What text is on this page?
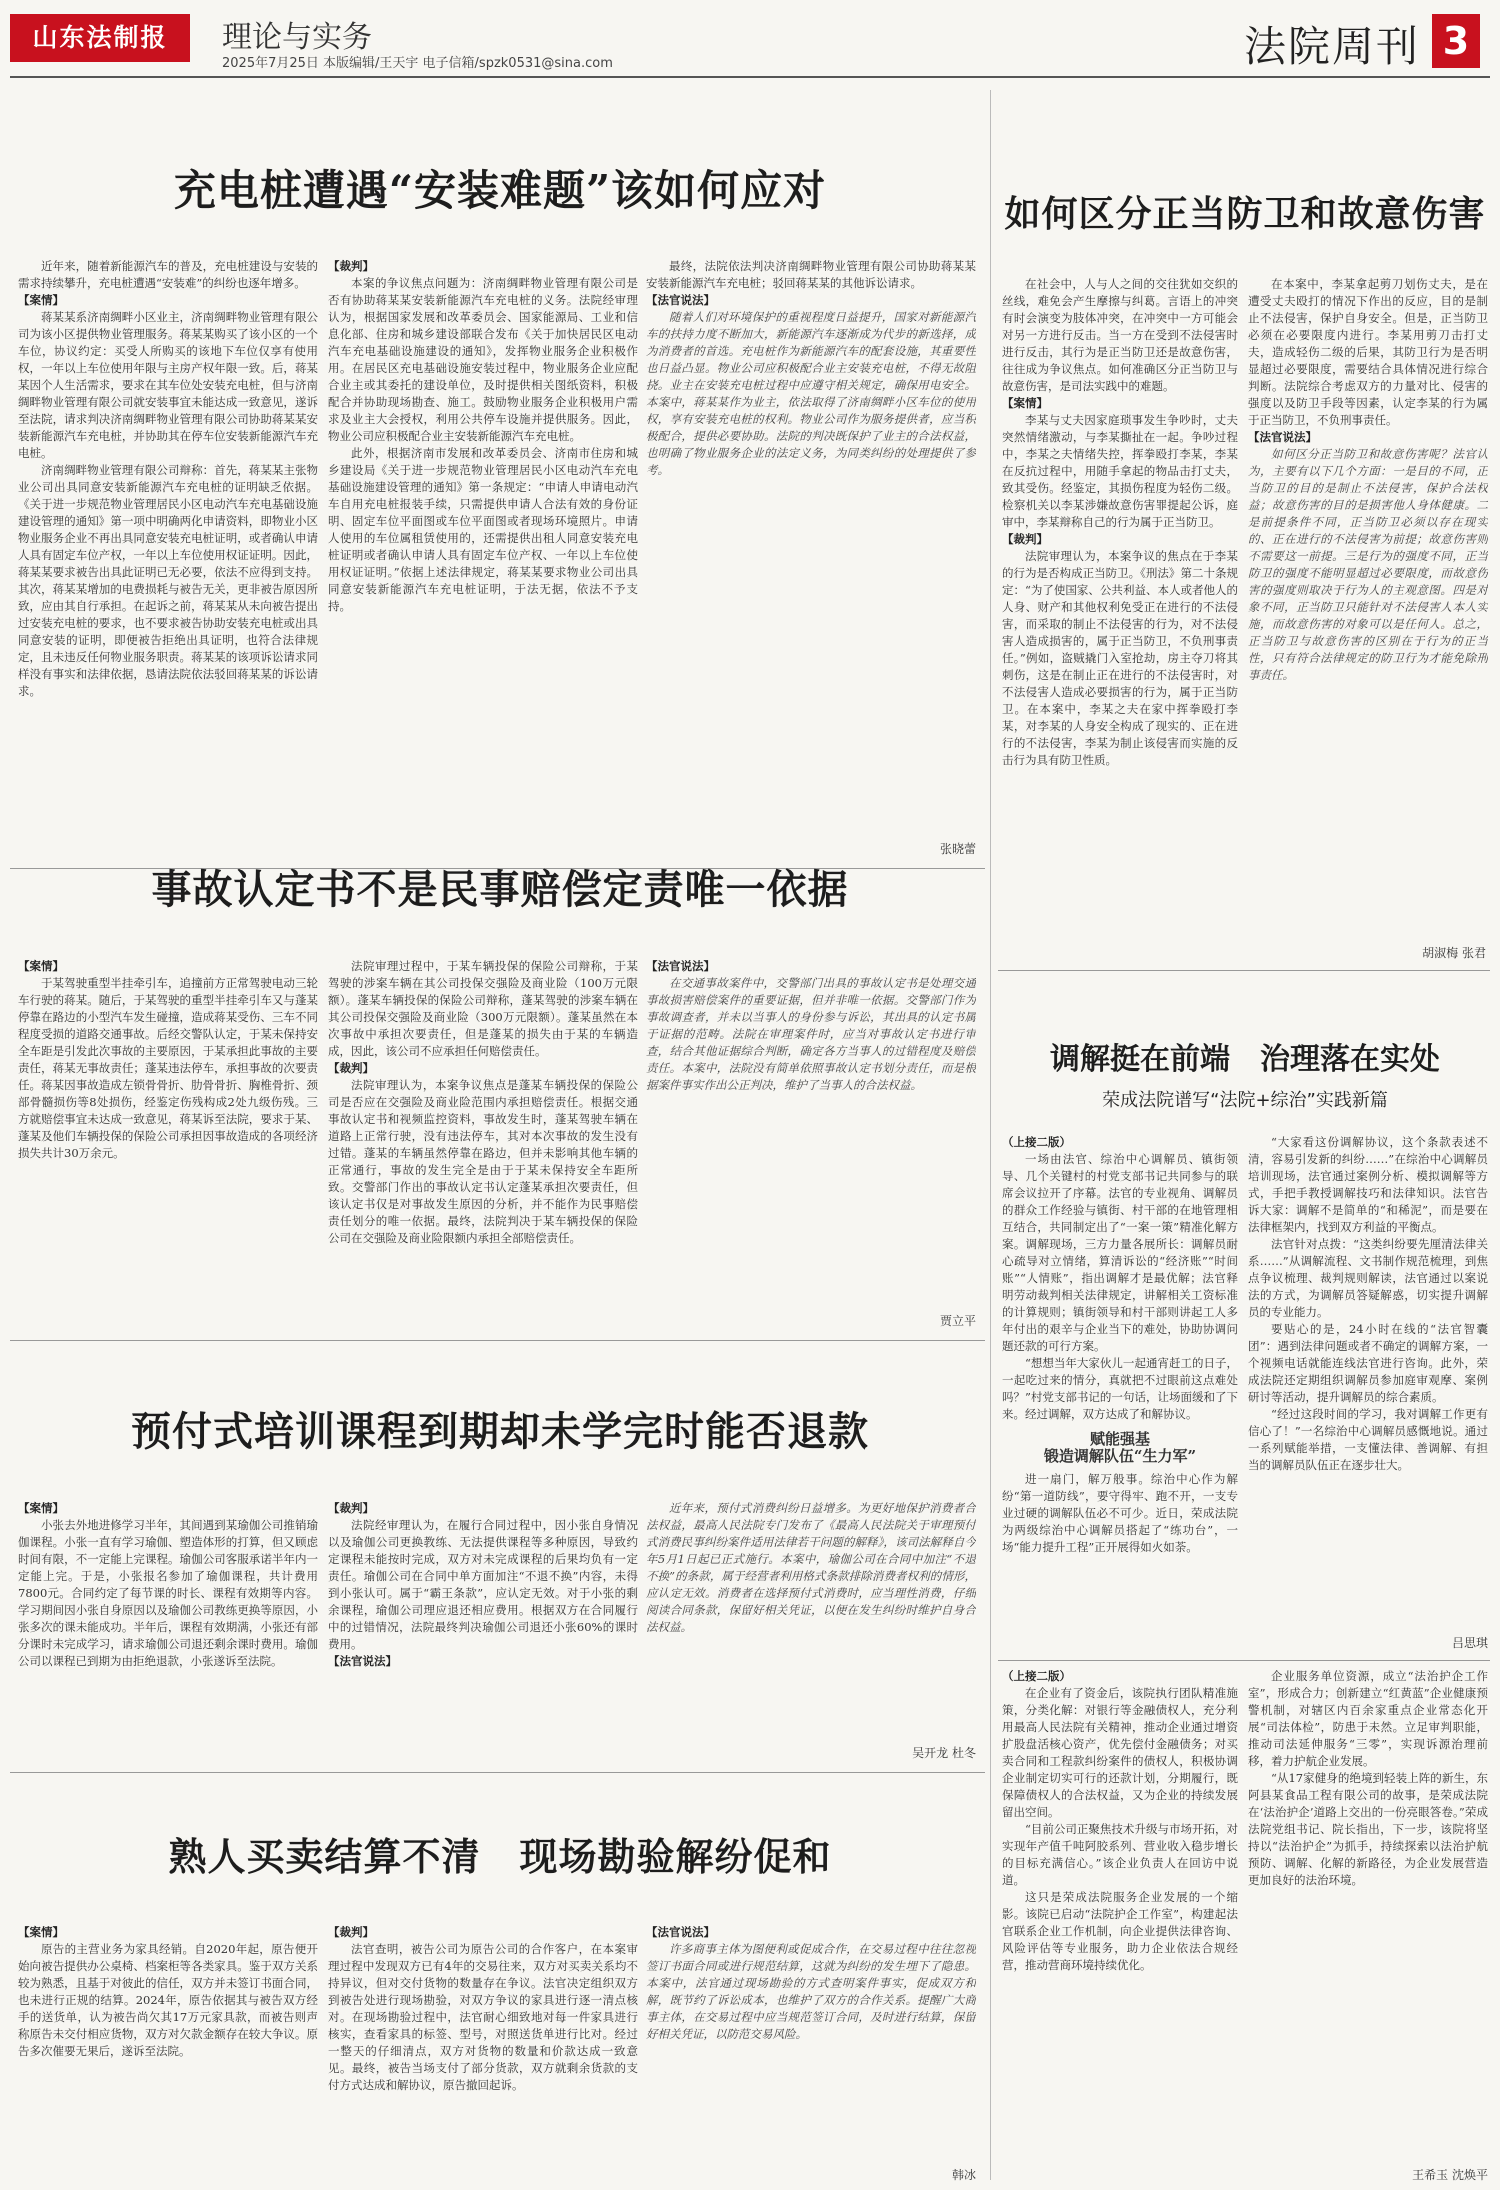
山东法制报	理论与实务
2025年7月25日 本版编辑/王天宇 电子信箱/spzk0531@sina.com	法院周刊 3
充电桩遭遇“安装难题”该如何应对

近年来，随着新能源汽车的普及，充电桩建设与安装的需求持续攀升，充电桩遭遇“安装难”的纠纷也逐年增多。

【案情】

蒋某某系济南绸畔小区业主，济南绸畔物业管理有限公司为该小区提供物业管理服务。蒋某某购买了该小区的一个车位，协议约定：买受人所购买的该地下车位仅享有使用权，一年以上车位使用年限与主房产权年限一致。后，蒋某某因个人生活需求，要求在其车位处安装充电桩，但与济南绸畔物业管理有限公司就安装事宜未能达成一致意见，遂诉至法院，请求判决济南绸畔物业管理有限公司协助蒋某某安装新能源汽车充电桩，并协助其在停车位安装新能源汽车充电桩。

济南绸畔物业管理有限公司辩称：首先，蒋某某主张物业公司出具同意安装新能源汽车充电桩的证明缺乏依据。《关于进一步规范物业管理居民小区电动汽车充电基础设施建设管理的通知》第一项中明确两化申请资料，即物业小区物业服务企业不再出具同意安装充电桩证明，或者确认申请人具有固定车位产权，一年以上车位使用权证证明。因此，蒋某某要求被告出具此证明已无必要，依法不应得到支持。其次，蒋某某增加的电费损耗与被告无关，更非被告原因所致，应由其自行承担。在起诉之前，蒋某某从未向被告提出过安装充电桩的要求，也不要求被告协助安装充电桩或出具同意安装的证明，即便被告拒绝出具证明，也符合法律规定，且未违反任何物业服务职责。蒋某某的该项诉讼请求同样没有事实和法律依据，恳请法院依法驳回蒋某某的诉讼请求。

【裁判】

本案的争议焦点问题为：济南绸畔物业管理有限公司是否有协助蒋某某安装新能源汽车充电桩的义务。法院经审理认为，根据国家发展和改革委员会、国家能源局、工业和信息化部、住房和城乡建设部联合发布《关于加快居民区电动汽车充电基础设施建设的通知》，发挥物业服务企业积极作用。在居民区充电基础设施安装过程中，物业服务企业应配合业主或其委托的建设单位，及时提供相关图纸资料，积极配合并协助现场勘查、施工。鼓励物业服务企业积极用户需求及业主大会授权，利用公共停车设施并提供服务。因此，物业公司应积极配合业主安装新能源汽车充电桩。

此外，根据济南市发展和改革委员会、济南市住房和城乡建设局《关于进一步规范物业管理居民小区电动汽车充电基础设施建设管理的通知》第一条规定：“申请人申请电动汽车自用充电桩报装手续，只需提供申请人合法有效的身份证明、固定车位平面图或车位平面图或者现场环境照片。申请人使用的车位属租赁使用的，还需提供出租人同意安装充电桩证明或者确认申请人具有固定车位产权、一年以上车位使用权证证明。”依据上述法律规定，蒋某某要求物业公司出具同意安装新能源汽车充电桩证明，于法无据，依法不予支持。

最终，法院依法判决济南绸畔物业管理有限公司协助蒋某某安装新能源汽车充电桩；驳回蒋某某的其他诉讼请求。

【法官说法】

随着人们对环境保护的重视程度日益提升，国家对新能源汽车的扶持力度不断加大，新能源汽车逐渐成为代步的新选择，成为消费者的首选。充电桩作为新能源汽车的配套设施，其重要性也日益凸显。物业公司应积极配合业主安装充电桩，不得无故阻挠。业主在安装充电桩过程中应遵守相关规定，确保用电安全。本案中，蒋某某作为业主，依法取得了济南绸畔小区车位的使用权，享有安装充电桩的权利。物业公司作为服务提供者，应当积极配合，提供必要协助。法院的判决既保护了业主的合法权益，也明确了物业服务企业的法定义务，为同类纠纷的处理提供了参考。

张晓蕾
如何区分正当防卫和故意伤害

在社会中，人与人之间的交往犹如交织的丝线，难免会产生摩擦与纠葛。言语上的冲突有时会演变为肢体冲突，在冲突中一方可能会对另一方进行反击。当一方在受到不法侵害时进行反击，其行为是正当防卫还是故意伤害，往往成为争议焦点。如何准确区分正当防卫与故意伤害，是司法实践中的难题。

【案情】

李某与丈夫因家庭琐事发生争吵时，丈夫突然情绪激动，与李某撕扯在一起。争吵过程中，李某之夫情绪失控，挥拳殴打李某，李某在反抗过程中，用随手拿起的物品击打丈夫，致其受伤。经鉴定，其损伤程度为轻伤二级。检察机关以李某涉嫌故意伤害罪提起公诉，庭审中，李某辩称自己的行为属于正当防卫。

【裁判】

法院审理认为，本案争议的焦点在于李某的行为是否构成正当防卫。《刑法》第二十条规定：“为了使国家、公共利益、本人或者他人的人身、财产和其他权利免受正在进行的不法侵害，而采取的制止不法侵害的行为，对不法侵害人造成损害的，属于正当防卫，不负刑事责任。”例如，盗贼撬门入室抢劫，房主夺刀将其刺伤，这是在制止正在进行的不法侵害时，对不法侵害人造成必要损害的行为，属于正当防卫。在本案中，李某之夫在家中挥拳殴打李某，对李某的人身安全构成了现实的、正在进行的不法侵害，李某为制止该侵害而实施的反击行为具有防卫性质。

在本案中，李某拿起剪刀划伤丈夫，是在遭受丈夫殴打的情况下作出的反应，目的是制止不法侵害，保护自身安全。但是，正当防卫必须在必要限度内进行。李某用剪刀击打丈夫，造成轻伤二级的后果，其防卫行为是否明显超过必要限度，需要结合具体情况进行综合判断。法院综合考虑双方的力量对比、侵害的强度以及防卫手段等因素，认定李某的行为属于正当防卫，不负刑事责任。

【法官说法】

如何区分正当防卫和故意伤害呢？法官认为，主要有以下几个方面：一是目的不同，正当防卫的目的是制止不法侵害，保护合法权益；故意伤害的目的是损害他人身体健康。二是前提条件不同，正当防卫必须以存在现实的、正在进行的不法侵害为前提；故意伤害则不需要这一前提。三是行为的强度不同，正当防卫的强度不能明显超过必要限度，而故意伤害的强度则取决于行为人的主观意图。四是对象不同，正当防卫只能针对不法侵害人本人实施，而故意伤害的对象可以是任何人。总之，正当防卫与故意伤害的区别在于行为的正当性，只有符合法律规定的防卫行为才能免除刑事责任。

胡淑梅 张君
事故认定书不是民事赔偿定责唯一依据

【案情】

于某驾驶重型半挂牵引车，追撞前方正常驾驶电动三轮车行驶的蒋某。随后，于某驾驶的重型半挂牵引车又与蓬某停靠在路边的小型汽车发生碰撞，造成蒋某受伤、三车不同程度受损的道路交通事故。后经交警队认定，于某未保持安全车距是引发此次事故的主要原因，于某承担此事故的主要责任，蒋某无事故责任；蓬某违法停车，承担事故的次要责任。蒋某因事故造成左锁骨骨折、肋骨骨折、胸椎骨折、颈部骨髓损伤等8处损伤，经鉴定伤残构成2处九级伤残。三方就赔偿事宜未达成一致意见，蒋某诉至法院，要求于某、蓬某及他们车辆投保的保险公司承担因事故造成的各项经济损失共计30万余元。

法院审理过程中，于某车辆投保的保险公司辩称，于某驾驶的涉案车辆在其公司投保交强险及商业险（100万元限额）。蓬某车辆投保的保险公司辩称，蓬某驾驶的涉案车辆在其公司投保交强险及商业险（300万元限额）。蓬某虽然在本次事故中承担次要责任，但是蓬某的损失由于某的车辆造成，因此，该公司不应承担任何赔偿责任。

【裁判】

法院审理认为，本案争议焦点是蓬某车辆投保的保险公司是否应在交强险及商业险范围内承担赔偿责任。根据交通事故认定书和视频监控资料，事故发生时，蓬某驾驶车辆在道路上正常行驶，没有违法停车，其对本次事故的发生没有过错。蓬某的车辆虽然停靠在路边，但并未影响其他车辆的正常通行，事故的发生完全是由于于某未保持安全车距所致。交警部门作出的事故认定书认定蓬某承担次要责任，但该认定书仅是对事故发生原因的分析，并不能作为民事赔偿责任划分的唯一依据。最终，法院判决于某车辆投保的保险公司在交强险及商业险限额内承担全部赔偿责任。

【法官说法】

在交通事故案件中，交警部门出具的事故认定书是处理交通事故损害赔偿案件的重要证据，但并非唯一依据。交警部门作为事故调查者，并未以当事人的身份参与诉讼，其出具的认定书属于证据的范畴。法院在审理案件时，应当对事故认定书进行审查，结合其他证据综合判断，确定各方当事人的过错程度及赔偿责任。本案中，法院没有简单依照事故认定书划分责任，而是根据案件事实作出公正判决，维护了当事人的合法权益。

贾立平
预付式培训课程到期却未学完时能否退款

【案情】

小张去外地进修学习半年，其间遇到某瑜伽公司推销瑜伽课程。小张一直有学习瑜伽、塑造体形的打算，但又顾虑时间有限，不一定能上完课程。瑜伽公司客服承诺半年内一定能上完。于是，小张报名参加了瑜伽课程，共计费用7800元。合同约定了每节课的时长、课程有效期等内容。学习期间因小张自身原因以及瑜伽公司教练更换等原因，小张多次的课未能成功。半年后，课程有效期满，小张还有部分课时未完成学习，请求瑜伽公司退还剩余课时费用。瑜伽公司以课程已到期为由拒绝退款，小张遂诉至法院。

【裁判】

法院经审理认为，在履行合同过程中，因小张自身情况以及瑜伽公司更换教练、无法提供课程等多种原因，导致约定课程未能按时完成，双方对未完成课程的后果均负有一定责任。瑜伽公司在合同中单方面加注“不退不换”内容，未得到小张认可。属于“霸王条款”，应认定无效。对于小张的剩余课程，瑜伽公司理应退还相应费用。根据双方在合同履行中的过错情况，法院最终判决瑜伽公司退还小张60%的课时费用。

【法官说法】

近年来，预付式消费纠纷日益增多。为更好地保护消费者合法权益，最高人民法院专门发布了《最高人民法院关于审理预付式消费民事纠纷案件适用法律若干问题的解释》，该司法解释自今年5月1日起已正式施行。本案中，瑜伽公司在合同中加注“不退不换”的条款，属于经营者利用格式条款排除消费者权利的情形，应认定无效。消费者在选择预付式消费时，应当理性消费，仔细阅读合同条款，保留好相关凭证，以便在发生纠纷时维护自身合法权益。

吴开龙 杜冬
熟人买卖结算不清　现场勘验解纷促和

【案情】

原告的主营业务为家具经销。自2020年起，原告便开始向被告提供办公桌椅、档案柜等各类家具。鉴于双方关系较为熟悉，且基于对彼此的信任，双方并未签订书面合同，也未进行正规的结算。2024年，原告依据其与被告双方经手的送货单，认为被告尚欠其17万元家具款，而被告则声称原告未交付相应货物，双方对欠款金额存在较大争议。原告多次催要无果后，遂诉至法院。

【裁判】

法官查明，被告公司为原告公司的合作客户，在本案审理过程中发现双方已有4年的交易往来，双方对买卖关系均不持异议，但对交付货物的数量存在争议。法官决定组织双方到被告处进行现场勘验，对双方争议的家具进行逐一清点核对。在现场勘验过程中，法官耐心细致地对每一件家具进行核实，查看家具的标签、型号，对照送货单进行比对。经过一整天的仔细清点，双方对货物的数量和价款达成一致意见。最终，被告当场支付了部分货款，双方就剩余货款的支付方式达成和解协议，原告撤回起诉。

【法官说法】

许多商事主体为图便利或促成合作，在交易过程中往往忽视签订书面合同或进行规范结算，这就为纠纷的发生埋下了隐患。本案中，法官通过现场勘验的方式查明案件事实，促成双方和解，既节约了诉讼成本，也维护了双方的合作关系。提醒广大商事主体，在交易过程中应当规范签订合同，及时进行结算，保留好相关凭证，以防范交易风险。

韩冰
调解挺在前端　治理落在实处
荣成法院谱写“法院+综治”实践新篇

（上接二版）

一场由法官、综治中心调解员、镇街领导、几个关键村的村党支部书记共同参与的联席会议拉开了序幕。法官的专业视角、调解员的群众工作经验与镇街、村干部的在地管理相互结合，共同制定出了“一案一策”精准化解方案。调解现场，三方力量各展所长：调解员耐心疏导对立情绪，算清诉讼的“经济账”“时间账”“人情账”，指出调解才是最优解；法官释明劳动裁判相关法律规定，讲解相关工资标准的计算规则；镇街领导和村干部则讲起工人多年付出的艰辛与企业当下的难处，协助协调问题还款的可行方案。

“想想当年大家伙儿一起通宵赶工的日子，一起吃过来的情分，真就把不过眼前这点难处吗？”村党支部书记的一句话，让场面缓和了下来。经过调解，双方达成了和解协议。

赋能强基
锻造调解队伍“生力军”

进一扇门，解万般事。综治中心作为解纷“第一道防线”，要守得牢、跑不开，一支专业过硬的调解队伍必不可少。近日，荣成法院为两级综治中心调解员搭起了“练功台”，一场“能力提升工程”正开展得如火如荼。

“大家看这份调解协议，这个条款表述不清，容易引发新的纠纷……”在综治中心调解员培训现场，法官通过案例分析、模拟调解等方式，手把手教授调解技巧和法律知识。法官告诉大家：调解不是简单的“和稀泥”，而是要在法律框架内，找到双方利益的平衡点。

法官针对点拨：“这类纠纷要先厘清法律关系……”从调解流程、文书制作规范梳理，到焦点争议梳理、裁判规则解读，法官通过以案说法的方式，为调解员答疑解惑，切实提升调解员的专业能力。

要贴心的是，24小时在线的“法官智囊团”：遇到法律问题或者不确定的调解方案，一个视频电话就能连线法官进行咨询。此外，荣成法院还定期组织调解员参加庭审观摩、案例研讨等活动，提升调解员的综合素质。

“经过这段时间的学习，我对调解工作更有信心了！”一名综治中心调解员感慨地说。通过一系列赋能举措，一支懂法律、善调解、有担当的调解员队伍正在逐步壮大。

吕思琪

（上接二版）

在企业有了资金后，该院执行团队精准施策，分类化解：对银行等金融债权人，充分利用最高人民法院有关精神，推动企业通过增资扩股盘活核心资产，优先偿付金融债务；对买卖合同和工程款纠纷案件的债权人，积极协调企业制定切实可行的还款计划，分期履行，既保障债权人的合法权益，又为企业的持续发展留出空间。

“目前公司正聚焦技术升级与市场开拓，对实现年产值千吨阿胶系列、营业收入稳步增长的目标充满信心。”该企业负责人在回访中说道。

这只是荣成法院服务企业发展的一个缩影。该院已启动“法院护企工作室”，构建起法官联系企业工作机制，向企业提供法律咨询、风险评估等专业服务，助力企业依法合规经营，推动营商环境持续优化。

企业服务单位资源，成立“法治护企工作室”，形成合力；创新建立“红黄蓝”企业健康预警机制，对辖区内百余家重点企业常态化开展“司法体检”，防患于未然。立足审判职能，推动司法延伸服务“三零”，实现诉源治理前移，着力护航企业发展。

“从17家健身的绝境到轻装上阵的新生，东阿县某食品工程有限公司的故事，是荣成法院在‘法治护企’道路上交出的一份亮眼答卷。”荣成法院党组书记、院长指出，下一步，该院将坚持以“法治护企”为抓手，持续探索以法治护航预防、调解、化解的新路径，为企业发展营造更加良好的法治环境。

王希玉 沈焕平
